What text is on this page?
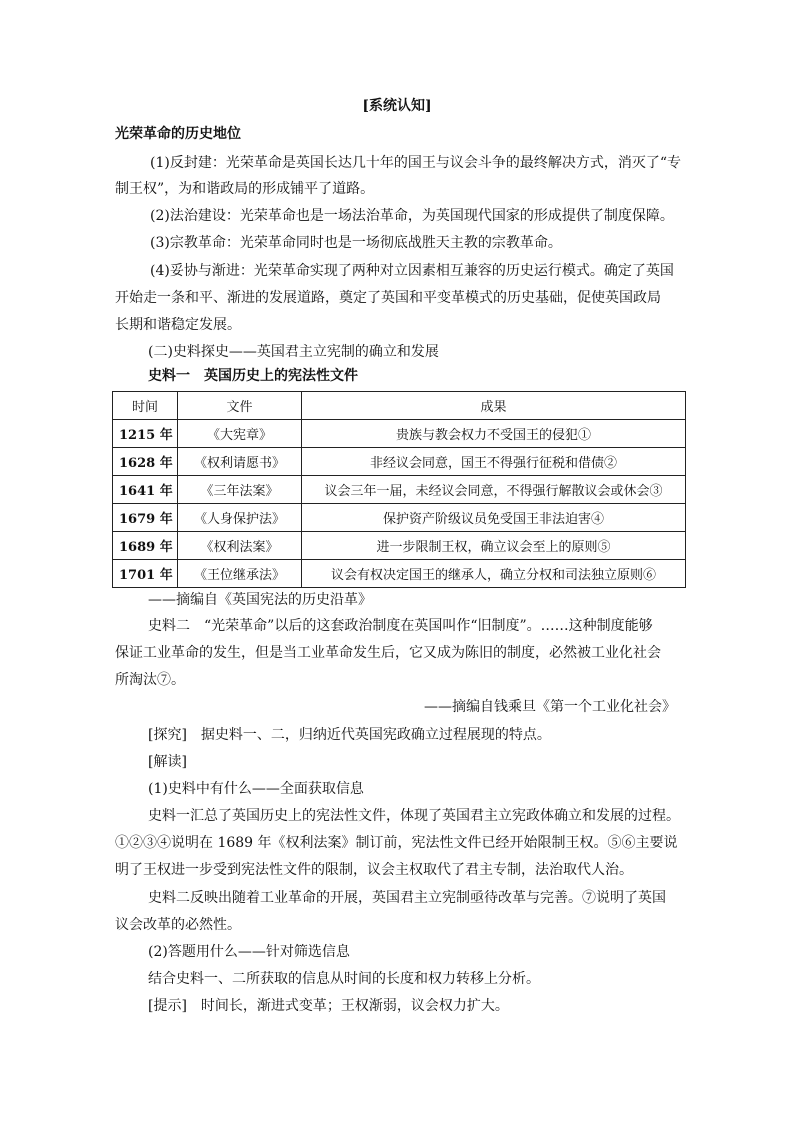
[系统认知]
光荣革命的历史地位
(1)反封建：光荣革命是英国长达几十年的国王与议会斗争的最终解决方式，消灭了“专
制王权”，为和谐政局的形成铺平了道路。
(2)法治建设：光荣革命也是一场法治革命，为英国现代国家的形成提供了制度保障。
(3)宗教革命：光荣革命同时也是一场彻底战胜天主教的宗教革命。
(4)妥协与渐进：光荣革命实现了两种对立因素相互兼容的历史运行模式。确定了英国
开始走一条和平、渐进的发展道路，奠定了英国和平变革模式的历史基础，促使英国政局
长期和谐稳定发展。
(二)史料探史——英国君主立宪制的确立和发展
史料一　英国历史上的宪法性文件
时间	文件	成果
1215 年	《大宪章》	贵族与教会权力不受国王的侵犯①
1628 年	《权利请愿书》	非经议会同意，国王不得强行征税和借债②
1641 年	《三年法案》	议会三年一届，未经议会同意，不得强行解散议会或休会③
1679 年	《人身保护法》	保护资产阶级议员免受国王非法迫害④
1689 年	《权利法案》	进一步限制王权，确立议会至上的原则⑤
1701 年	《王位继承法》	议会有权决定国王的继承人，确立分权和司法独立原则⑥
——摘编自《英国宪法的历史沿革》
史料二　“光荣革命”以后的这套政治制度在英国叫作“旧制度”。……这种制度能够
保证工业革命的发生，但是当工业革命发生后，它又成为陈旧的制度，必然被工业化社会
所淘汰⑦。
——摘编自钱乘旦《第一个工业化社会》
[探究]　据史料一、二，归纳近代英国宪政确立过程展现的特点。
[解读]
(1)史料中有什么——全面获取信息
史料一汇总了英国历史上的宪法性文件，体现了英国君主立宪政体确立和发展的过程。
①②③④说明在 1689 年《权利法案》制订前，宪法性文件已经开始限制王权。⑤⑥主要说
明了王权进一步受到宪法性文件的限制，议会主权取代了君主专制，法治取代人治。
史料二反映出随着工业革命的开展，英国君主立宪制亟待改革与完善。⑦说明了英国
议会改革的必然性。
(2)答题用什么——针对筛选信息
结合史料一、二所获取的信息从时间的长度和权力转移上分析。
[提示]　时间长，渐进式变革；王权渐弱，议会权力扩大。
